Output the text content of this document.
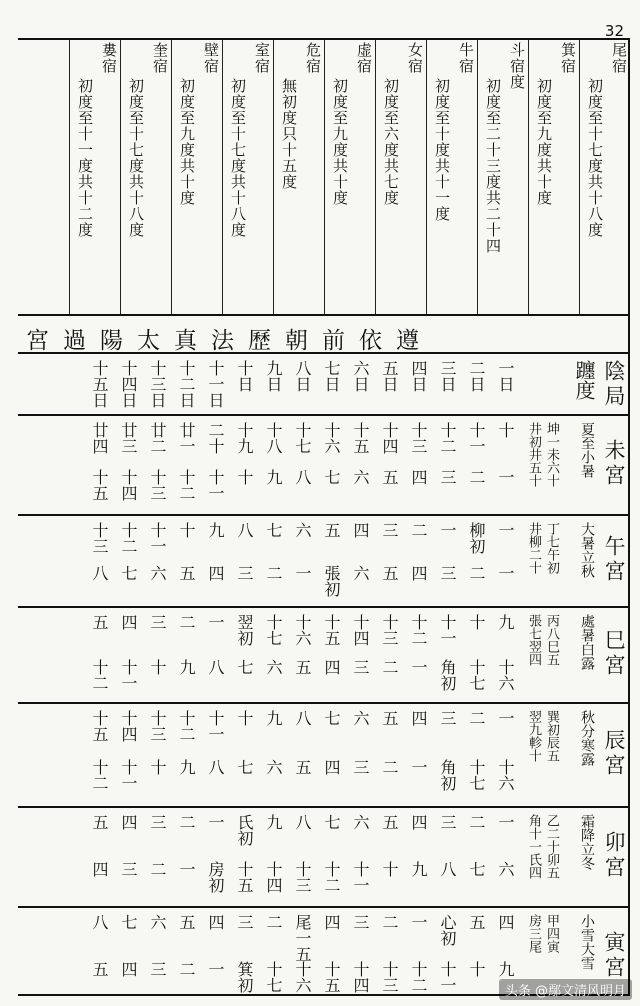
32
尾宿
初度至十七度共十八度
箕宿
初度至九度共十度
斗宿度
初度至二十三度共二十四
牛宿
初度至十度共十一度
女宿
初度至六度共七度
虚宿
初度至九度共十度
危宿
無初度只十五度
室宿
初度至十七度共十八度
壁宿
初度至九度共十度
奎宿
初度至十七度共十八度
婁宿
初度至十一度共十二度
遵依前朝歷法真太陽過宮
陰局
躔度
一日
二日
三日
四日
五日
六日
七日
八日
九日
十日
十一日
十二日
十三日
十四日
十五日
未宮
夏至小暑
井初井五十 坤一未六十
十
一
十一
二
十二
三
十三
四
十四
五
十五
六
十六
七
十七
八
十八
九
十九
十
二十
十一
廿一
十二
廿二
十三
廿三
十四
廿四
十五
午宮
大暑立秋
井柳二十 丁七午初
一
一
柳初
二
一
三
二
四
三
五
四
六
五
張初
六
一
七
二
八
三
九
四
十
五
十一
六
十二
七
十三
八
巳宮
處暑白露
張七翌四 丙八巳五
九
十六
十
十七
十一
角初
十二
一
十三
二
十四
三
十五
四
十六
五
十七
六
翌初
七
一
八
二
九
三
十
四
十一
五
十二
辰宮
秋分寒露
翌九軫十 巽初辰五
一
十六
二
十七
三
角初
四
一
五
二
六
三
七
四
八
五
九
六
十
七
十一
八
十二
九
十三
十
十四
十一
十五
十二
卯宮
霜降立冬
角十一氏四 乙二十卯五
一
六
二
七
三
八
四
九
五
十
六
十一
七
十二
八
十三
九
十四
氏初
十五
一
房初
二
一
三
二
四
三
五
四
寅宮
小雪大雪
房三尾 甲四寅
四
九
五
十
心初
十一
一
十二
二
十三
三
十四
四
十五
尾一五
十六
二
十七
三
箕初
四
一
五
二
六
三
七
四
八
五
头条 @鄢文清风明月
